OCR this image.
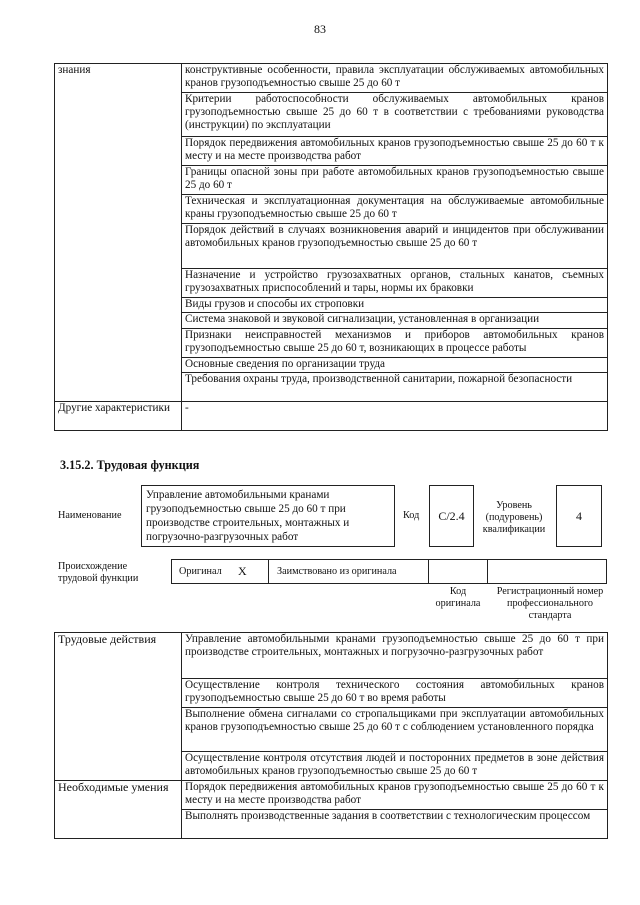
83
знания	конструктивные особенности, правила эксплуатации обслуживаемых автомобильных кранов грузоподъемностью свыше 25 до 60 т
	Критерии работоспособности обслуживаемых автомобильных кранов грузоподъемностью свыше 25 до 60 т в соответствии с требованиями руководства (инструкции) по эксплуатации
	Порядок передвижения автомобильных кранов грузоподъемностью свыше 25 до 60 т к месту и на месте производства работ
	Границы опасной зоны при работе автомобильных кранов грузоподъемностью свыше 25 до 60 т
	Техническая и эксплуатационная документация на обслуживаемые автомобильные краны грузоподъемностью свыше 25 до 60 т
	Порядок действий в случаях возникновения аварий и инцидентов при обслуживании автомобильных кранов грузоподъемностью свыше 25 до 60 т
	Назначение и устройство грузозахватных органов, стальных канатов, съемных грузозахватных приспособлений и тары, нормы их браковки
	Виды грузов и способы их строповки
	Система знаковой и звуковой сигнализации, установленная в организации
	Признаки неисправностей механизмов и приборов автомобильных кранов грузоподъемностью свыше 25 до 60 т, возникающих в процессе работы
	Основные сведения по организации труда
	Требования охраны труда, производственной санитарии, пожарной безопасности
Другие характеристики	-
3.15.2. Трудовая функция
Наименование
Управление автомобильными кранами грузоподъемностью свыше 25 до 60 т при производстве строительных, монтажных и погрузочно-разгрузочных работ
Код C/2.4
Уровень (подуровень) квалификации
4
Происхождение трудовой функции
Оригинал X	Заимствовано из оригинала
Код оригинала
Регистрационный номер профессионального стандарта
Трудовые действия	Управление автомобильными кранами грузоподъемностью свыше 25 до 60 т при производстве строительных, монтажных и погрузочно-разгрузочных работ
	Осуществление контроля технического состояния автомобильных кранов грузоподъемностью свыше 25 до 60 т во время работы
	Выполнение обмена сигналами со стропальщиками при эксплуатации автомобильных кранов грузоподъемностью свыше 25 до 60 т с соблюдением установленного порядка
	Осуществление контроля отсутствия людей и посторонних предметов в зоне действия автомобильных кранов грузоподъемностью свыше 25 до 60 т
Необходимые умения	Порядок передвижения автомобильных кранов грузоподъемностью свыше 25 до 60 т к месту и на месте производства работ
	Выполнять производственные задания в соответствии с технологическим процессом
